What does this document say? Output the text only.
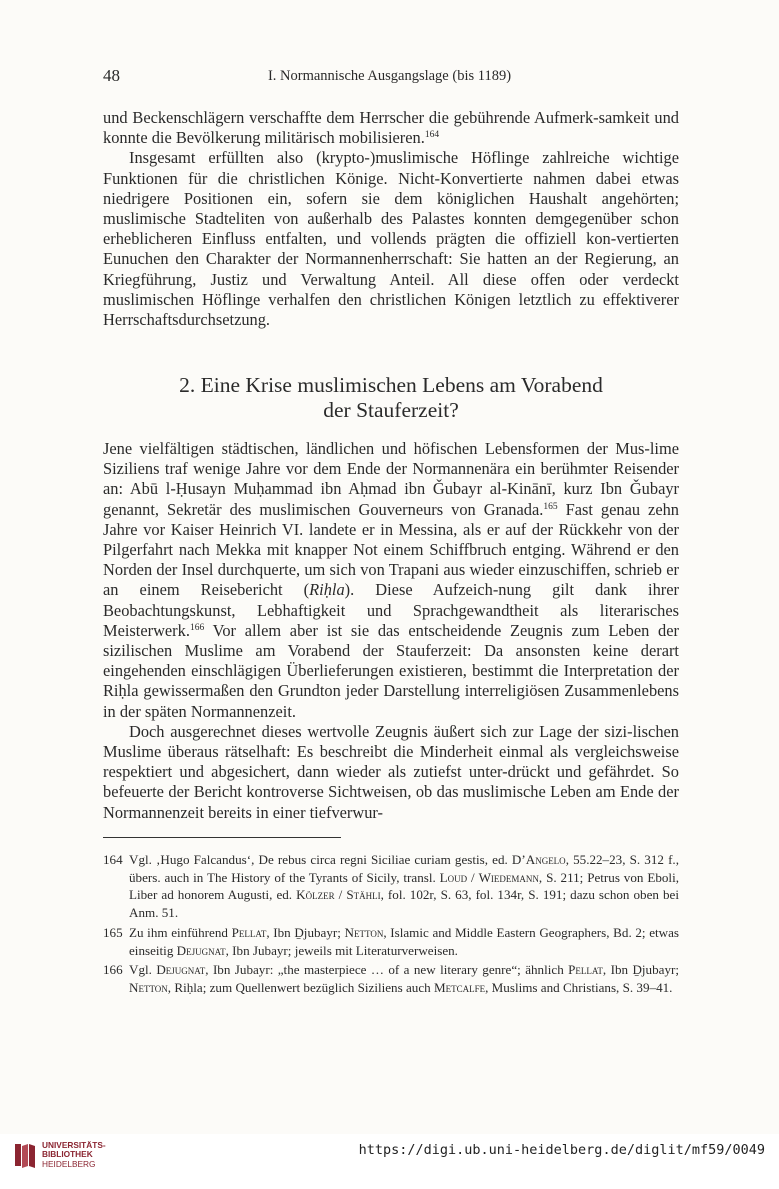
48	I. Normannische Ausgangslage (bis 1189)

und Beckenschlägern verschaffte dem Herrscher die gebührende Aufmerk-samkeit und konnte die Bevölkerung militärisch mobilisieren.$^{164}$

Insgesamt erfüllten also (krypto-)muslimische Höflinge zahlreiche wichtige Funktionen für die christlichen Könige. Nicht-Konvertierte nahmen dabei etwas niedrigere Positionen ein, sofern sie dem königlichen Haushalt angehörten; muslimische Stadteliten von außerhalb des Palastes konnten demgegenüber schon erheblicheren Einfluss entfalten, und vollends prägten die offiziell kon-vertierten Eunuchen den Charakter der Normannenherrschaft: Sie hatten an der Regierung, an Kriegführung, Justiz und Verwaltung Anteil. All diese offen oder verdeckt muslimischen Höflinge verhalfen den christlichen Königen letztlich zu effektiverer Herrschaftsdurchsetzung.

2. Eine Krise muslimischen Lebens am Vorabend
der Stauferzeit?

Jene vielfältigen städtischen, ländlichen und höfischen Lebensformen der Mus-lime Siziliens traf wenige Jahre vor dem Ende der Normannenära ein berühmter Reisender an: Abū l-Ḥusayn Muḥammad ibn Aḥmad ibn Ǧubayr al-Kinānī, kurz Ibn Ǧubayr genannt, Sekretär des muslimischen Gouverneurs von Granada.$^{165}$ Fast genau zehn Jahre vor Kaiser Heinrich VI. landete er in Messina, als er auf der Rückkehr von der Pilgerfahrt nach Mekka mit knapper Not einem Schiffbruch entging. Während er den Norden der Insel durchquerte, um sich von Trapani aus wieder einzuschiffen, schrieb er an einem Reisebericht (Riḥla). Diese Aufzeich-nung gilt dank ihrer Beobachtungskunst, Lebhaftigkeit und Sprachgewandtheit als literarisches Meisterwerk.$^{166}$ Vor allem aber ist sie das entscheidende Zeugnis zum Leben der sizilischen Muslime am Vorabend der Stauferzeit: Da ansonsten keine derart eingehenden einschlägigen Überlieferungen existieren, bestimmt die Interpretation der Riḥla gewissermaßen den Grundton jeder Darstellung interreligiösen Zusammenlebens in der späten Normannenzeit.

Doch ausgerechnet dieses wertvolle Zeugnis äußert sich zur Lage der sizi-lischen Muslime überaus rätselhaft: Es beschreibt die Minderheit einmal als vergleichsweise respektiert und abgesichert, dann wieder als zutiefst unter-drückt und gefährdet. So befeuerte der Bericht kontroverse Sichtweisen, ob das muslimische Leben am Ende der Normannenzeit bereits in einer tiefverwur-

164 Vgl. ‚Hugo Falcandus‘, De rebus circa regni Siciliae curiam gestis, ed. D’Angelo, 55.22–23, S. 312 f., übers. auch in The History of the Tyrants of Sicily, transl. Loud / Wiedemann, S. 211; Petrus von Eboli, Liber ad honorem Augusti, ed. Kölzer / Stähli, fol. 102r, S. 63, fol. 134r, S. 191; dazu schon oben bei Anm. 51.
165 Zu ihm einführend Pellat, Ibn Ḏjubayr; Netton, Islamic and Middle Eastern Geographers, Bd. 2; etwas einseitig Dejugnat, Ibn Jubayr; jeweils mit Literaturverweisen.
166 Vgl. Dejugnat, Ibn Jubayr: „the masterpiece … of a new literary genre“; ähnlich Pellat, Ibn Ḏjubayr; Netton, Riḥla; zum Quellenwert bezüglich Siziliens auch Metcalfe, Muslims and Christians, S. 39–41.
UNIVERSITÄTS-
BIBLIOTHEK
HEIDELBERG
https://digi.ub.uni-heidelberg.de/diglit/mf59/0049
